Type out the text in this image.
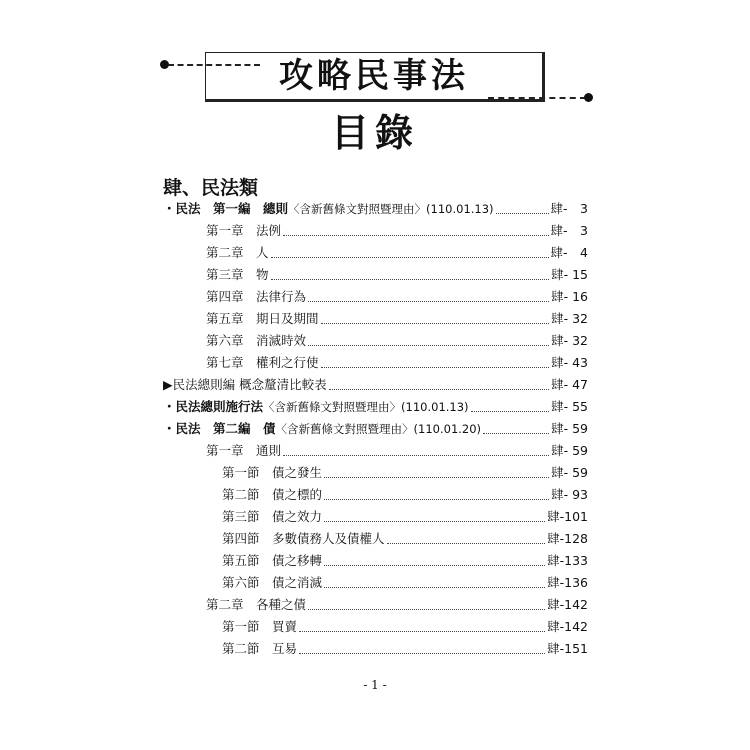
攻略民事法
目錄
肆、民法類
・民法　第一編　總則〈含新舊條文對照暨理由〉(110.01.13)	肆-　3
第一章　法例	肆-　3
第二章　人	肆-　4
第三章　物	肆- 15
第四章　法律行為	肆- 16
第五章　期日及期間	肆- 32
第六章　消滅時效	肆- 32
第七章　權利之行使	肆- 43
▶民法總則編 概念釐清比較表	肆- 47
・民法總則施行法〈含新舊條文對照暨理由〉(110.01.13)	肆- 55
・民法　第二編　債〈含新舊條文對照暨理由〉(110.01.20)	肆- 59
第一章　通則	肆- 59
第一節　債之發生	肆- 59
第二節　債之標的	肆- 93
第三節　債之效力	肆-101
第四節　多數債務人及債權人	肆-128
第五節　債之移轉	肆-133
第六節　債之消滅	肆-136
第二章　各種之債	肆-142
第一節　買賣	肆-142
第二節　互易	肆-151
- 1 -
